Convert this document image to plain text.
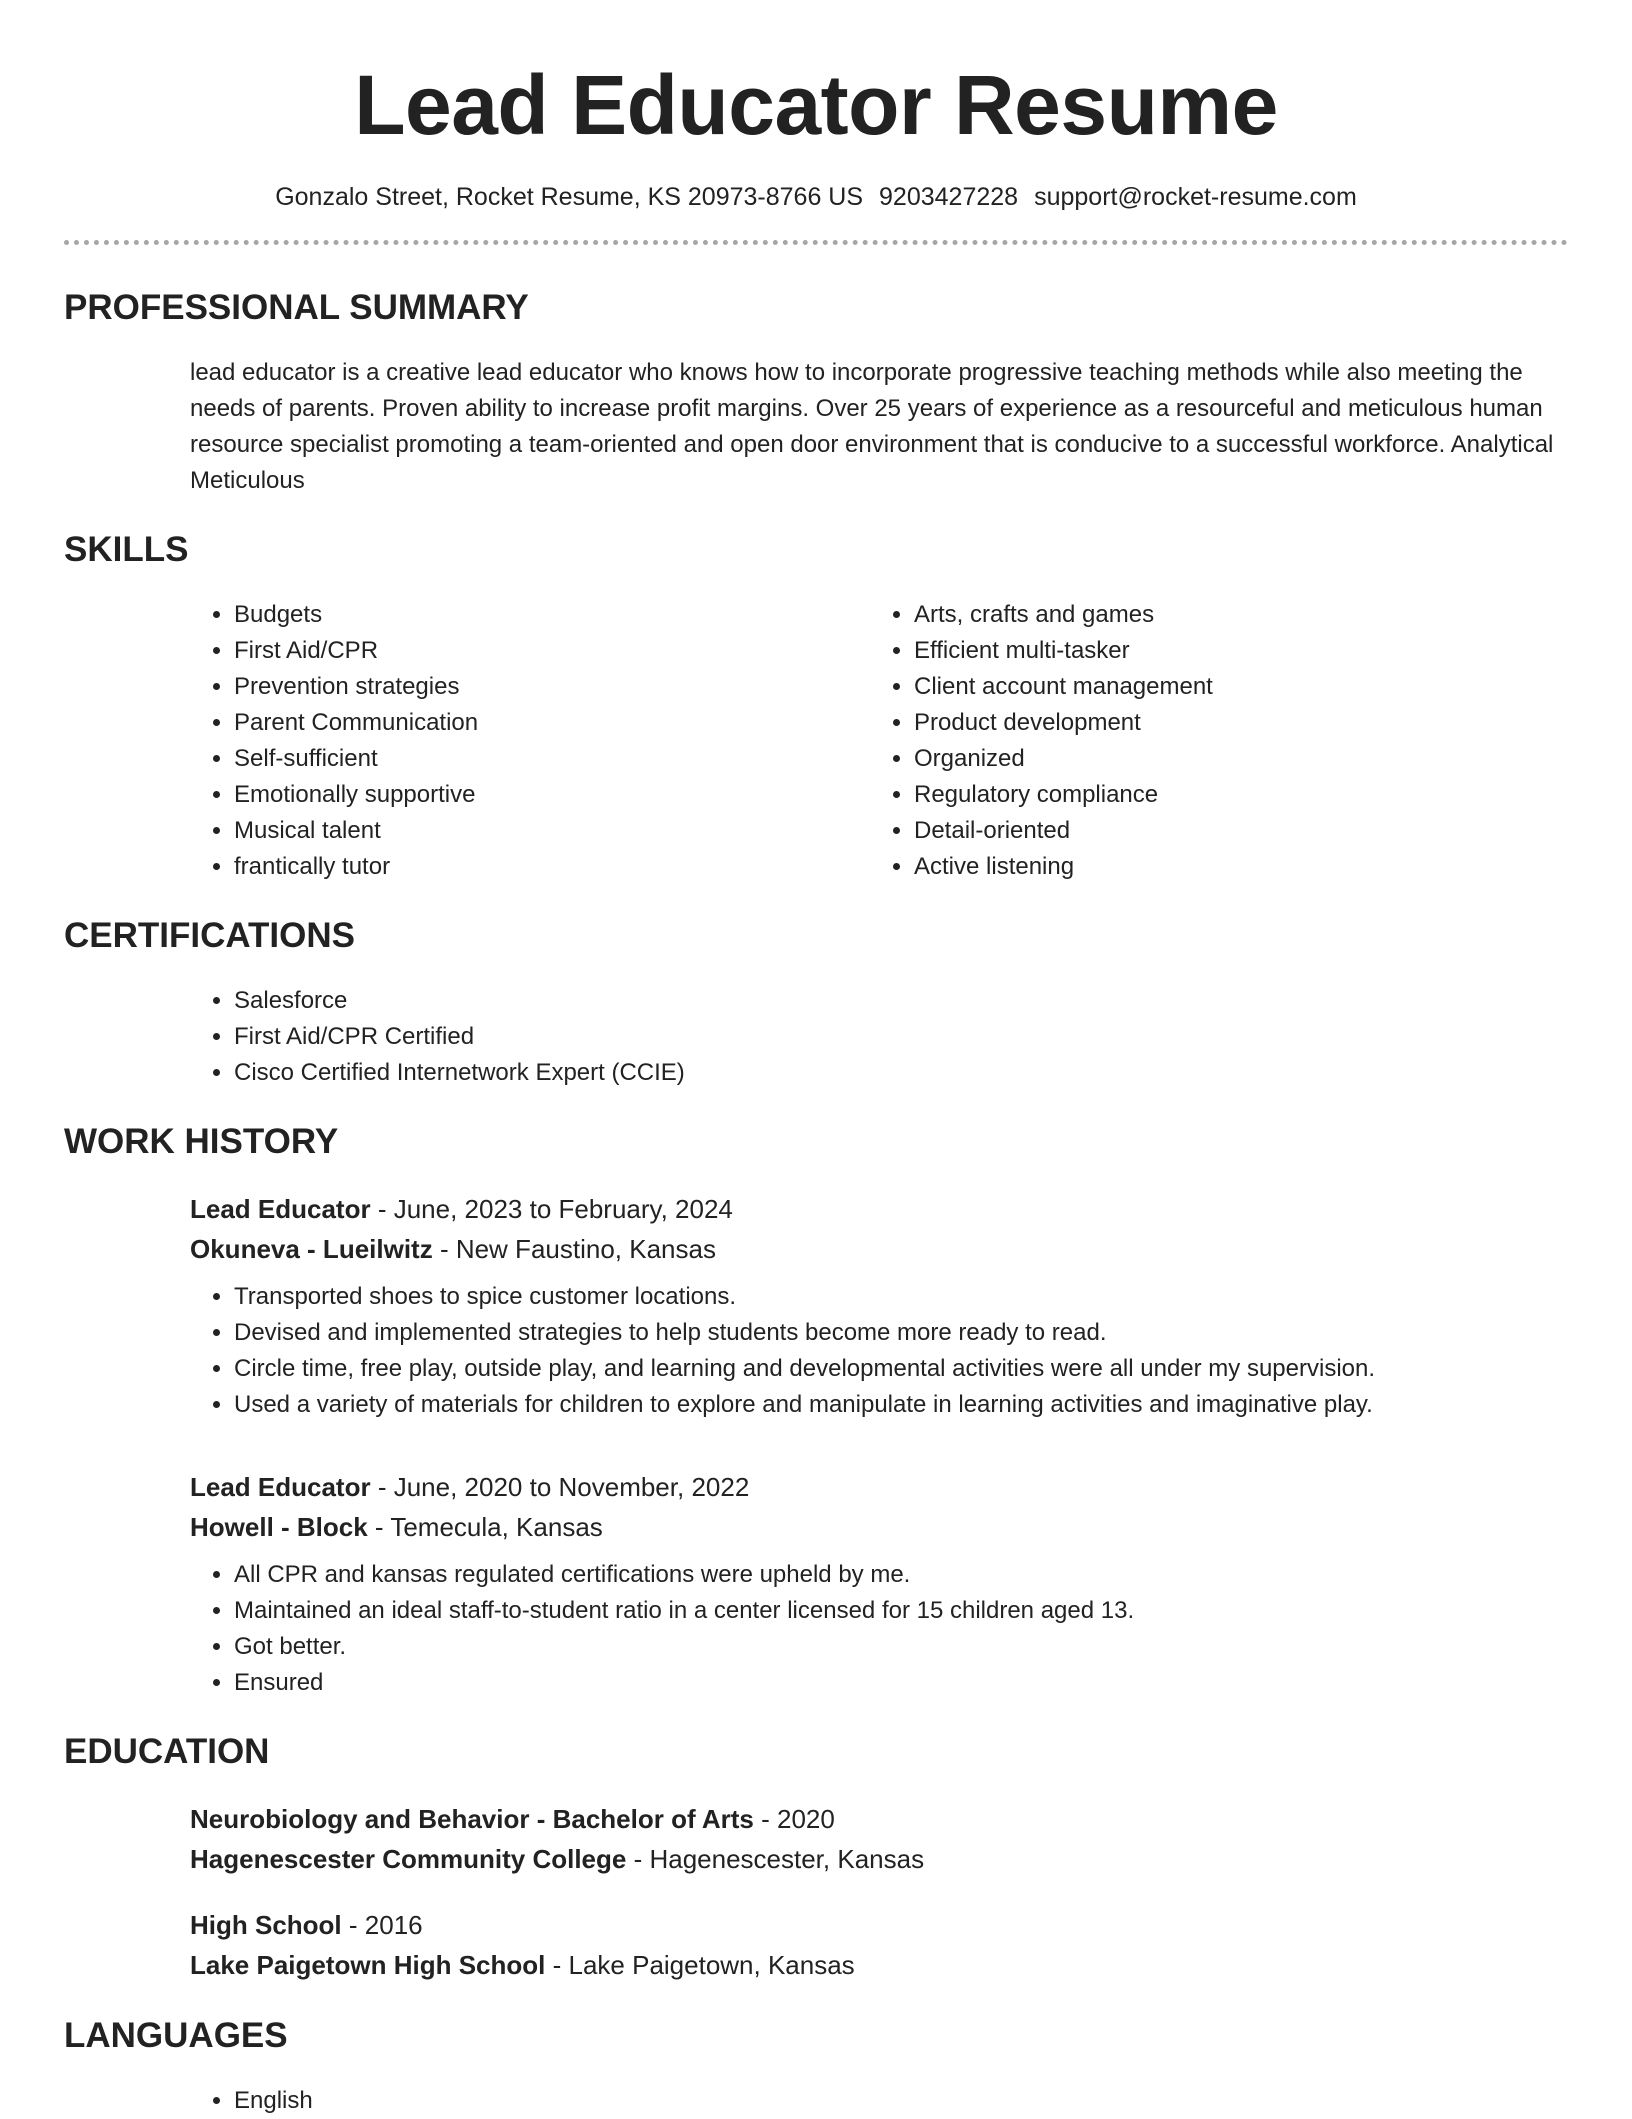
Lead Educator Resume
Gonzalo Street, Rocket Resume, KS 20973-8766 US 9203427228 support@rocket-resume.com
PROFESSIONAL SUMMARY

lead educator is a creative lead educator who knows how to incorporate progressive teaching methods while also meeting the needs of parents. Proven ability to increase profit margins. Over 25 years of experience as a resourceful and meticulous human resource specialist promoting a team-oriented and open door environment that is conducive to a successful workforce. Analytical Meticulous

SKILLS
• Budgets
• First Aid/CPR
• Prevention strategies
• Parent Communication
• Self-sufficient
• Emotionally supportive
• Musical talent
• frantically tutor
• Arts, crafts and games
• Efficient multi-tasker
• Client account management
• Product development
• Organized
• Regulatory compliance
• Detail-oriented
• Active listening
CERTIFICATIONS
• Salesforce
• First Aid/CPR Certified
• Cisco Certified Internetwork Expert (CCIE)
WORK HISTORY
Lead Educator - June, 2023 to February, 2024
Okuneva - Lueilwitz - New Faustino, Kansas
• Transported shoes to spice customer locations.
• Devised and implemented strategies to help students become more ready to read.
• Circle time, free play, outside play, and learning and developmental activities were all under my supervision.
• Used a variety of materials for children to explore and manipulate in learning activities and imaginative play.
Lead Educator - June, 2020 to November, 2022
Howell - Block - Temecula, Kansas
• All CPR and kansas regulated certifications were upheld by me.
• Maintained an ideal staff-to-student ratio in a center licensed for 15 children aged 13.
• Got better.
• Ensured
EDUCATION
Neurobiology and Behavior - Bachelor of Arts - 2020
Hagenescester Community College - Hagenescester, Kansas
High School - 2016
Lake Paigetown High School - Lake Paigetown, Kansas
LANGUAGES
• English
